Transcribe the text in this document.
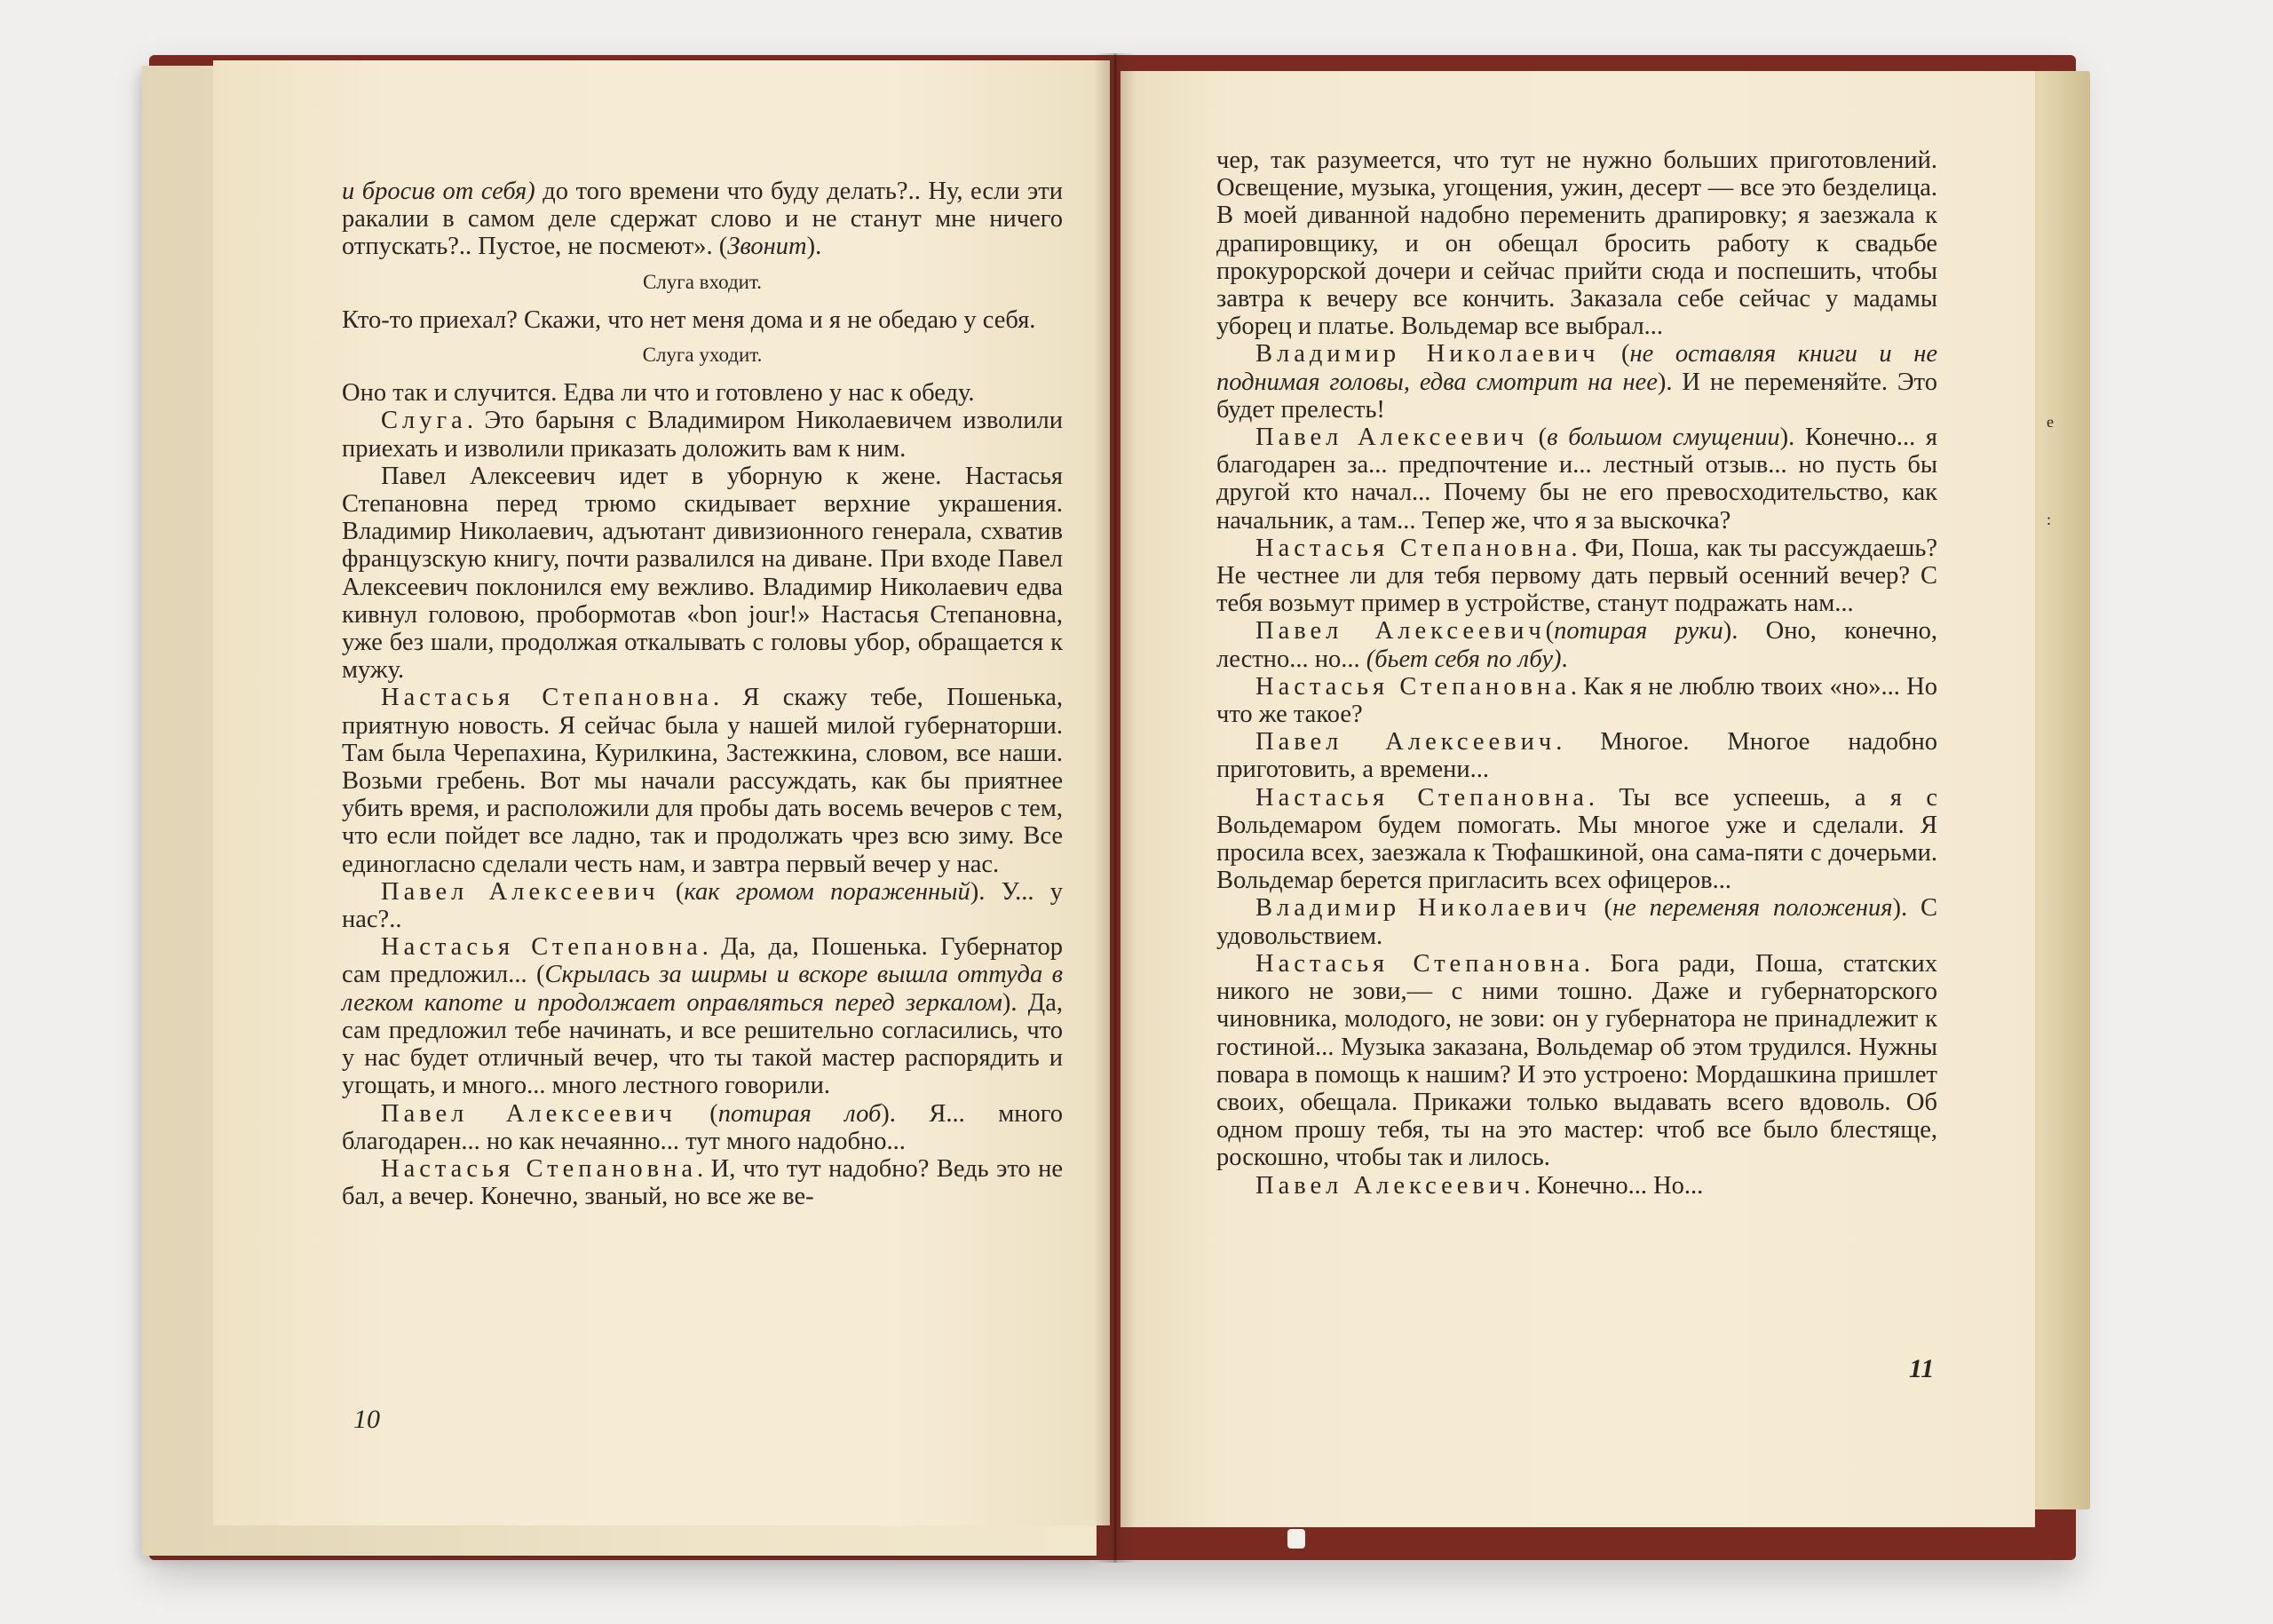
е
:

и бросив от себя) до того времени что буду делать?.. Ну, если эти ракалии в самом деле сдержат слово и не станут мне ничего отпускать?.. Пустое, не посмеют». (Звонит).

Слуга входит.

Кто-то приехал? Скажи, что нет меня дома и я не обедаю у себя.

Слуга уходит.

Оно так и случится. Едва ли что и готовлено у нас к обеду.

Слуга. Это барыня с Владимиром Николаевичем изволили приехать и изволили приказать доложить вам к ним.

Павел Алексеевич идет в уборную к жене. Настасья Степановна перед трюмо скидывает верхние украшения. Владимир Николаевич, адъютант дивизионного генерала, схватив французскую книгу, почти развалился на диване. При входе Павел Алексеевич поклонился ему вежливо. Владимир Николаевич едва кивнул головою, пробормотав «bon jour!» Настасья Степановна, уже без шали, продолжая откалывать с головы убор, обращается к мужу.

Настасья Степановна. Я скажу тебе, Пошенька, приятную новость. Я сейчас была у нашей милой губернаторши. Там была Черепахина, Курилкина, Застежкина, словом, все наши. Возьми гребень. Вот мы начали рассуждать, как бы приятнее убить время, и расположили для пробы дать восемь вечеров с тем, что если пойдет все ладно, так и продолжать чрез всю зиму. Все единогласно сделали честь нам, и завтра первый вечер у нас.

Павел Алексеевич (как громом пораженный). У... у нас?..

Настасья Степановна. Да, да, Пошенька. Губернатор сам предложил... (Скрылась за ширмы и вскоре вышла оттуда в легком капоте и продолжает оправляться перед зеркалом). Да, сам предложил тебе начинать, и все решительно согласились, что у нас будет отличный вечер, что ты такой мастер распорядить и угощать, и много... много лестного говорили.

Павел Алексеевич (потирая лоб). Я... много благодарен... но как нечаянно... тут много надобно...

Настасья Степановна. И, что тут надобно? Ведь это не бал, а вечер. Конечно, званый, но все же ве-

10

чер, так разумеется, что тут не нужно больших приготовлений. Освещение, музыка, угощения, ужин, десерт — все это безделица. В моей диванной надобно переменить драпировку; я заезжала к драпировщику, и он обещал бросить работу к свадьбе прокурорской дочери и сейчас прийти сюда и поспешить, чтобы завтра к вечеру все кончить. Заказала себе сейчас у мадамы уборец и платье. Вольдемар все выбрал...

Владимир Николаевич (не оставляя книги и не поднимая головы, едва смотрит на нее). И не переменяйте. Это будет прелесть!

Павел Алексеевич (в большом смущении). Конечно... я благодарен за... предпочтение и... лестный отзыв... но пусть бы другой кто начал... Почему бы не его превосходительство, как начальник, а там... Тепер же, что я за выскочка?

Настасья Степановна. Фи, Поша, как ты рассуждаешь? Не честнее ли для тебя первому дать первый осенний вечер? С тебя возьмут пример в устройстве, станут подражать нам...

Павел Алексеевич(потирая руки). Оно, конечно, лестно... но... (бьет себя по лбу).

Настасья Степановна. Как я не люблю твоих «но»... Но что же такое?

Павел Алексеевич. Многое. Многое надобно приготовить, а времени...

Настасья Степановна. Ты все успеешь, а я с Вольдемаром будем помогать. Мы многое уже и сделали. Я просила всех, заезжала к Тюфашкиной, она сама-пяти с дочерьми. Вольдемар берется пригласить всех офицеров...

Владимир Николаевич (не переменяя положения). С удовольствием.

Настасья Степановна. Бога ради, Поша, статских никого не зови,— с ними тошно. Даже и губернаторского чиновника, молодого, не зови: он у губернатора не принадлежит к гостиной... Музыка заказана, Вольдемар об этом трудился. Нужны повара в помощь к нашим? И это устроено: Мордашкина пришлет своих, обещала. Прикажи только выдавать всего вдоволь. Об одном прошу тебя, ты на это мастер: чтоб все было блестяще, роскошно, чтобы так и лилось.

Павел Алексеевич. Конечно... Но...

11
